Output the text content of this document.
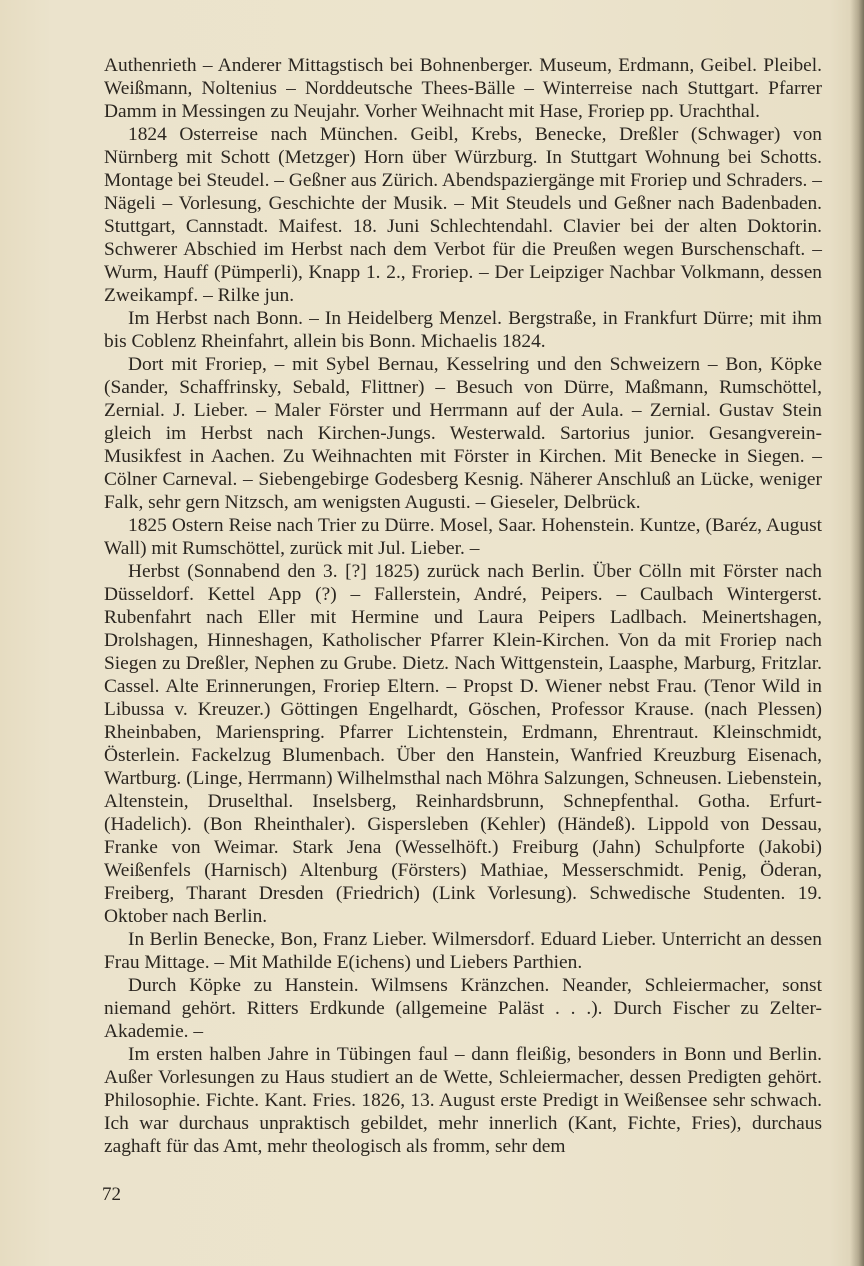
Authenrieth – Anderer Mittagstisch bei Bohnenberger. Museum, Erdmann, Geibel. Pleibel. Weißmann, Noltenius – Norddeutsche Thees-Bälle – Winterreise nach Stuttgart. Pfarrer Damm in Messingen zu Neujahr. Vorher Weihnacht mit Hase, Froriep pp. Urachthal.

1824 Osterreise nach München. Geibl, Krebs, Benecke, Dreßler (Schwager) von Nürnberg mit Schott (Metzger) Horn über Würzburg. In Stuttgart Wohnung bei Schotts. Montage bei Steudel. – Geßner aus Zürich. Abendspaziergänge mit Froriep und Schraders. – Nägeli – Vorlesung, Geschichte der Musik. – Mit Steudels und Geßner nach Badenbaden. Stuttgart, Cannstadt. Maifest. 18. Juni Schlechtendahl. Clavier bei der alten Doktorin. Schwerer Abschied im Herbst nach dem Verbot für die Preußen wegen Burschenschaft. – Wurm, Hauff (Pümperli), Knapp 1. 2., Froriep. – Der Leipziger Nachbar Volkmann, dessen Zweikampf. – Rilke jun.

Im Herbst nach Bonn. – In Heidelberg Menzel. Bergstraße, in Frankfurt Dürre; mit ihm bis Coblenz Rheinfahrt, allein bis Bonn. Michaelis 1824.

Dort mit Froriep, – mit Sybel Bernau, Kesselring und den Schweizern – Bon, Köpke (Sander, Schaffrinsky, Sebald, Flittner) – Besuch von Dürre, Maßmann, Rumschöttel, Zernial. J. Lieber. – Maler Förster und Herrmann auf der Aula. – Zernial. Gustav Stein gleich im Herbst nach Kirchen-Jungs. Westerwald. Sartorius junior. Gesangverein-Musikfest in Aachen. Zu Weihnachten mit Förster in Kirchen. Mit Benecke in Siegen. – Cölner Carneval. – Siebengebirge Godesberg Kesnig. Näherer Anschluß an Lücke, weniger Falk, sehr gern Nitzsch, am wenigsten Augusti. – Gieseler, Delbrück.

1825 Ostern Reise nach Trier zu Dürre. Mosel, Saar. Hohenstein. Kuntze, (Baréz, August Wall) mit Rumschöttel, zurück mit Jul. Lieber. –

Herbst (Sonnabend den 3. [?] 1825) zurück nach Berlin. Über Cölln mit Förster nach Düsseldorf. Kettel App (?) – Fallerstein, André, Peipers. – Caulbach Wintergerst. Rubenfahrt nach Eller mit Hermine und Laura Peipers Ladlbach. Meinertshagen, Drolshagen, Hinneshagen, Katholischer Pfarrer Klein-Kirchen. Von da mit Froriep nach Siegen zu Dreßler, Nephen zu Grube. Dietz. Nach Wittgenstein, Laasphe, Marburg, Fritzlar. Cassel. Alte Erinnerungen, Froriep Eltern. – Propst D. Wiener nebst Frau. (Tenor Wild in Libussa v. Kreuzer.) Göttingen Engelhardt, Göschen, Professor Krause. (nach Plessen) Rheinbaben, Marienspring. Pfarrer Lichtenstein, Erdmann, Ehrentraut. Kleinschmidt, Österlein. Fackelzug Blumenbach. Über den Hanstein, Wanfried Kreuzburg Eisenach, Wartburg. (Linge, Herrmann) Wilhelmsthal nach Möhra Salzungen, Schneusen. Liebenstein, Altenstein, Druselthal. Inselsberg, Reinhardsbrunn, Schnepfenthal. Gotha. Erfurt-(Hadelich). (Bon Rheinthaler). Gispersleben (Kehler) (Händeß). Lippold von Dessau, Franke von Weimar. Stark Jena (Wesselhöft.) Freiburg (Jahn) Schulpforte (Jakobi) Weißenfels (Harnisch) Altenburg (Försters) Mathiae, Messerschmidt. Penig, Öderan, Freiberg, Tharant Dresden (Friedrich) (Link Vorlesung). Schwedische Studenten. 19. Oktober nach Berlin.

In Berlin Benecke, Bon, Franz Lieber. Wilmersdorf. Eduard Lieber. Unterricht an dessen Frau Mittage. – Mit Mathilde E(ichens) und Liebers Parthien.

Durch Köpke zu Hanstein. Wilmsens Kränzchen. Neander, Schleiermacher, sonst niemand gehört. Ritters Erdkunde (allgemeine Paläst . . .). Durch Fischer zu Zelter-Akademie. –

Im ersten halben Jahre in Tübingen faul – dann fleißig, besonders in Bonn und Berlin. Außer Vorlesungen zu Haus studiert an de Wette, Schleiermacher, dessen Predigten gehört. Philosophie. Fichte. Kant. Fries. 1826, 13. August erste Predigt in Weißensee sehr schwach. Ich war durchaus unpraktisch gebildet, mehr innerlich (Kant, Fichte, Fries), durchaus zaghaft für das Amt, mehr theologisch als fromm, sehr dem

72
